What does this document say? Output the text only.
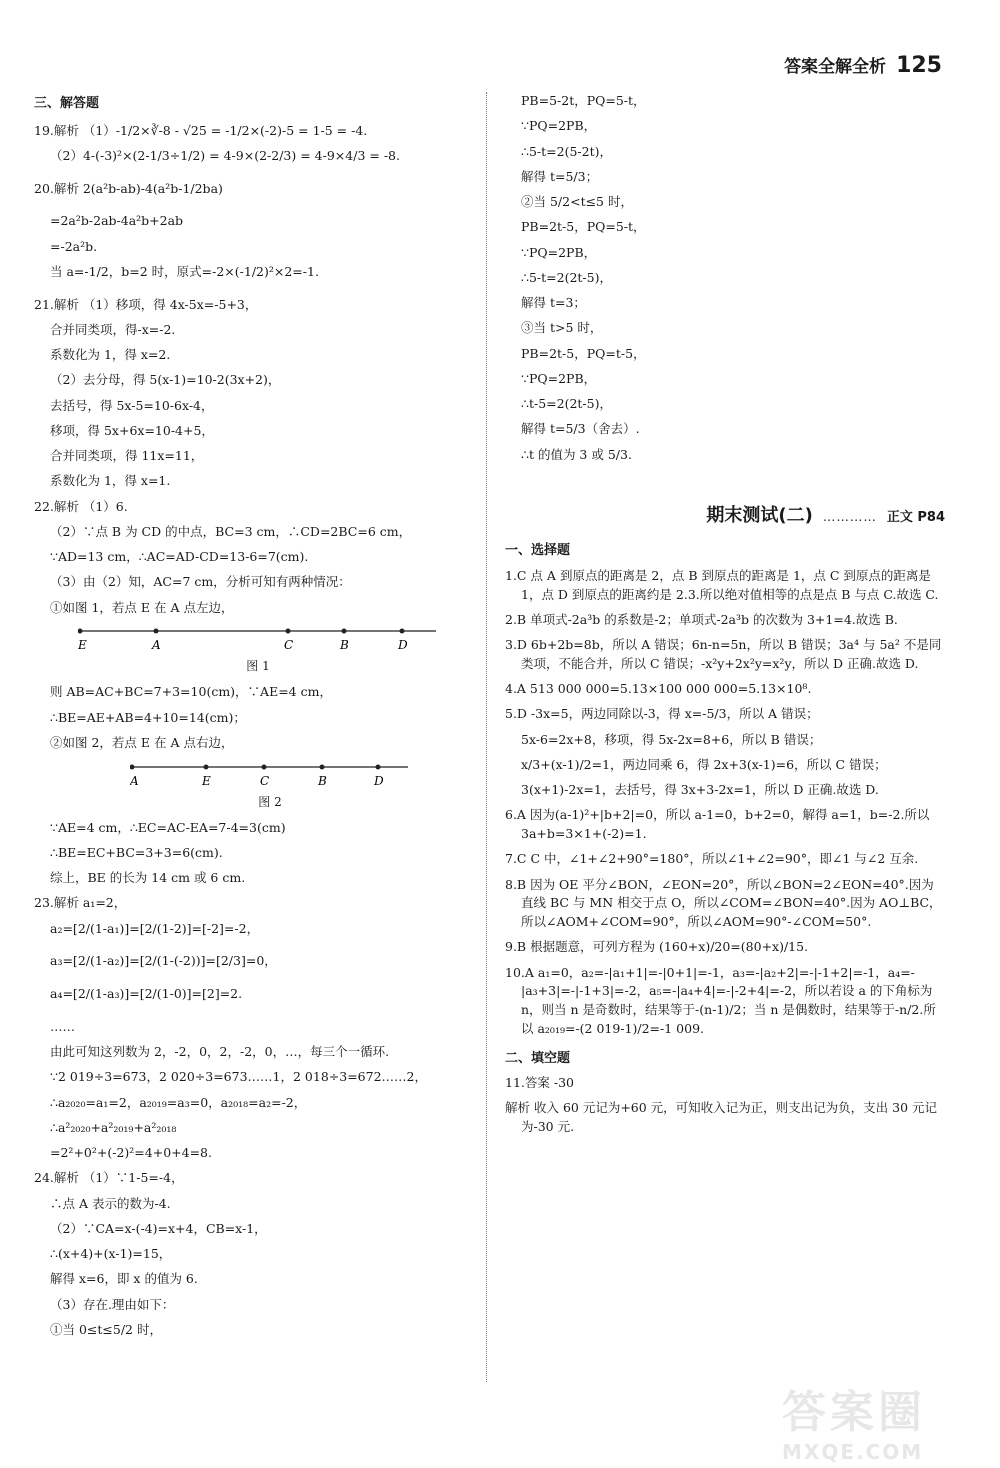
答案全解全析 125
三、解答题
19.解析 （1）-1/2×∛-8 - √25 = -1/2×(-2)-5 = 1-5 = -4.
（2）4-(-3)²×(2-1/3÷1/2) = 4-9×(2-2/3) = 4-9×4/3 = -8.
20.解析 2(a²b-ab)-4(a²b-1/2ba)
=2a²b-2ab-4a²b+2ab
=-2a²b.
当 a=-1/2，b=2 时，原式=-2×(-1/2)²×2=-1.
21.解析 （1）移项，得 4x-5x=-5+3，
合并同类项，得-x=-2.
系数化为 1，得 x=2.
（2）去分母，得 5(x-1)=10-2(3x+2)，
去括号，得 5x-5=10-6x-4，
移项，得 5x+6x=10-4+5，
合并同类项，得 11x=11，
系数化为 1，得 x=1.
22.解析 （1）6.
（2）∵点 B 为 CD 的中点，BC=3 cm，∴CD=2BC=6 cm，
∵AD=13 cm，∴AC=AD-CD=13-6=7(cm).
（3）由（2）知，AC=7 cm，分析可知有两种情况：
①如图 1，若点 E 在 A 点左边，
E	A	C	B	D
图 1
则 AB=AC+BC=7+3=10(cm)，∵AE=4 cm，
∴BE=AE+AB=4+10=14(cm)；
②如图 2，若点 E 在 A 点右边，
A	E	C	B	D
图 2
∵AE=4 cm，∴EC=AC-EA=7-4=3(cm)
∴BE=EC+BC=3+3=6(cm).
综上，BE 的长为 14 cm 或 6 cm.
23.解析 a₁=2，
a₂=[2/(1-a₁)]=[2/(1-2)]=[-2]=-2，
a₃=[2/(1-a₂)]=[2/(1-(-2))]=[2/3]=0，
a₄=[2/(1-a₃)]=[2/(1-0)]=[2]=2.
……
由此可知这列数为 2，-2，0，2，-2，0，…，每三个一循环.
∵2 019÷3=673，2 020÷3=673……1，2 018÷3=672……2，
∴a₂₀₂₀=a₁=2，a₂₀₁₉=a₃=0，a₂₀₁₈=a₂=-2，
∴a²₂₀₂₀+a²₂₀₁₉+a²₂₀₁₈
=2²+0²+(-2)²=4+0+4=8.
24.解析 （1）∵1-5=-4，
∴点 A 表示的数为-4.
（2）∵CA=x-(-4)=x+4，CB=x-1，
∴(x+4)+(x-1)=15，
解得 x=6，即 x 的值为 6.
（3）存在.理由如下：
①当 0≤t≤5/2 时，
PB=5-2t，PQ=5-t，
∵PQ=2PB，
∴5-t=2(5-2t)，
解得 t=5/3；
②当 5/2<t≤5 时，
PB=2t-5，PQ=5-t，
∵PQ=2PB，
∴5-t=2(2t-5)，
解得 t=3；
③当 t>5 时，
PB=2t-5，PQ=t-5，
∵PQ=2PB，
∴t-5=2(2t-5)，
解得 t=5/3（舍去）.
∴t 的值为 3 或 5/3.
期末测试(二) ………… 正文 P84
一、选择题
1.C 点 A 到原点的距离是 2，点 B 到原点的距离是 1，点 C 到原点的距离是 1，点 D 到原点的距离约是 2.3.所以绝对值相等的点是点 B 与点 C.故选 C.
2.B 单项式-2a³b 的系数是-2；单项式-2a³b 的次数为 3+1=4.故选 B.
3.D 6b+2b=8b，所以 A 错误；6n-n=5n，所以 B 错误；3a⁴ 与 5a² 不是同类项，不能合并，所以 C 错误；-x²y+2x²y=x²y，所以 D 正确.故选 D.
4.A 513 000 000=5.13×100 000 000=5.13×10⁸.
5.D -3x=5，两边同除以-3，得 x=-5/3，所以 A 错误；
5x-6=2x+8，移项，得 5x-2x=8+6，所以 B 错误；
x/3+(x-1)/2=1，两边同乘 6，得 2x+3(x-1)=6，所以 C 错误；
3(x+1)-2x=1，去括号，得 3x+3-2x=1，所以 D 正确.故选 D.
6.A 因为(a-1)²+|b+2|=0，所以 a-1=0，b+2=0，解得 a=1，b=-2.所以 3a+b=3×1+(-2)=1.
7.C C 中，∠1+∠2+90°=180°，所以∠1+∠2=90°，即∠1 与∠2 互余.
8.B 因为 OE 平分∠BON，∠EON=20°，所以∠BON=2∠EON=40°.因为直线 BC 与 MN 相交于点 O，所以∠COM=∠BON=40°.因为 AO⊥BC，所以∠AOM+∠COM=90°，所以∠AOM=90°-∠COM=50°.
9.B 根据题意，可列方程为 (160+x)/20=(80+x)/15.
10.A a₁=0，a₂=-|a₁+1|=-|0+1|=-1，a₃=-|a₂+2|=-|-1+2|=-1，a₄=-|a₃+3|=-|-1+3|=-2，a₅=-|a₄+4|=-|-2+4|=-2，所以若设 a 的下角标为 n，则当 n 是奇数时，结果等于-(n-1)/2；当 n 是偶数时，结果等于-n/2.所以 a₂₀₁₉=-(2 019-1)/2=-1 009.
二、填空题
11.答案 -30
解析 收入 60 元记为+60 元，可知收入记为正，则支出记为负，支出 30 元记为-30 元.
答案圈
MXQE.COM
